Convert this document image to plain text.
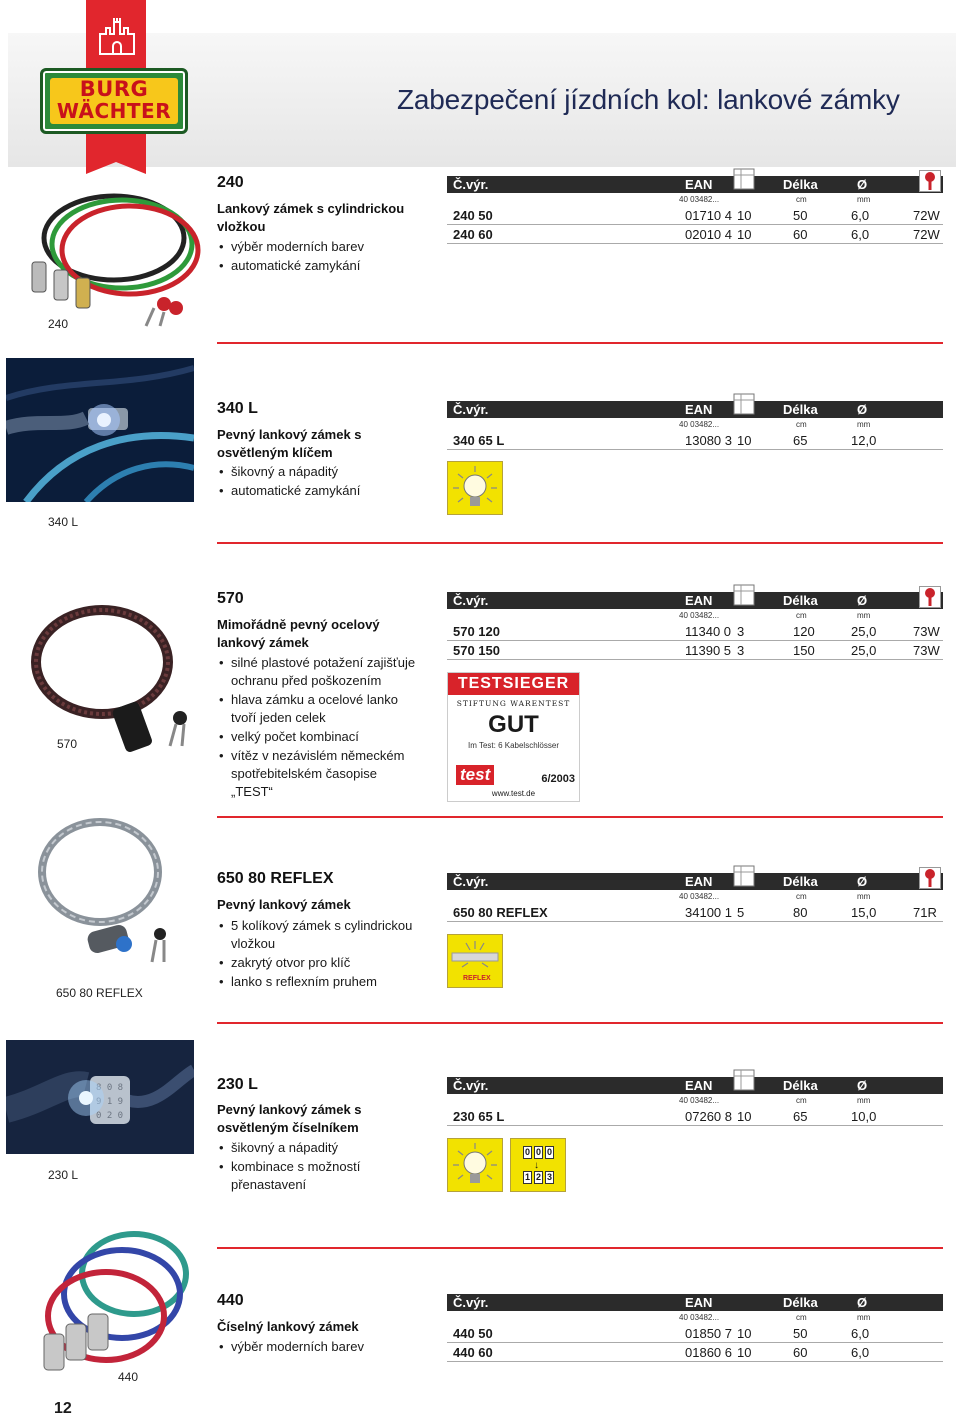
BURG
WÄCHTER	Zabezpečení jízdních kol: lankové zámky
240
240
Lankový zámek s cylindrickou vložkou
• výběr moderních barev
• automatické zamykání
Č.výr.	EAN	Délka	Ø
40 03482...	cm	mm
240 50	01710 4 10	50	6,0	72W
240 60	02010 4 10	60	6,0	72W
340 L
340 L
Pevný lankový zámek s osvětleným klíčem
• šikovný a nápaditý
• automatické zamykání
Č.výr.	EAN	Délka	Ø
40 03482...	cm	mm
340 65 L	13080 3 10	65	12,0
570
570
Mimořádně pevný ocelový lankový zámek
• silné plastové potažení zajišťuje ochranu před poškozením
• hlava zámku a ocelové lanko tvoří jeden celek
• velký počet kombinací
• vítěz v nezávislém německém spotřebitelském časopise „TEST“
Č.výr.	EAN	Délka	Ø
40 03482...	cm	mm
570 120	11340 0 3	120	25,0	73W
570 150	11390 5 3	150	25,0	73W
TESTSIEGER
STIFTUNG WARENTEST
GUT
Im Test: 6 Kabelschlösser
test	6/2003
www.test.de
650 80 REFLEX
650 80 REFLEX
Pevný lankový zámek
• 5 kolíkový zámek s cylindrickou vložkou
• zakrytý otvor pro klíč
• lanko s reflexním pruhem
Č.výr.	EAN	Délka	Ø
40 03482...	cm	mm
650 80 REFLEX	34100 1 5	80	15,0	71R
REFLEX
8 0 8
9 1 9
0 2 0
230 L
230 L
Pevný lankový zámek s osvětleným číselníkem
• šikovný a nápaditý
• kombinace s možností přenastavení
Č.výr.	EAN	Délka	Ø
40 03482...	cm	mm
230 65 L	07260 8 10	65	10,0
0 0 0
↓
1 2 3
440
440
Číselný lankový zámek
• výběr moderních barev
Č.výr.	EAN	Délka	Ø
40 03482...	cm	mm
440 50	01850 7 10	50	6,0
440 60	01860 6 10	60	6,0
12
